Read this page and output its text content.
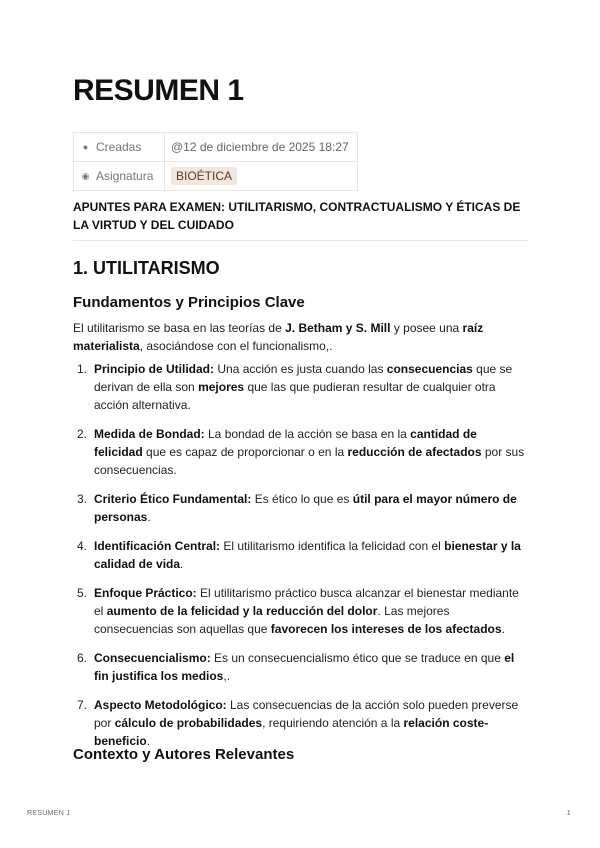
RESUMEN 1
● Creadas	@12 de diciembre de 2025 18:27
◉ Asignatura	BIOÉTICA

APUNTES PARA EXAMEN: UTILITARISMO, CONTRACTUALISMO Y ÉTICAS DE LA VIRTUD Y DEL CUIDADO

1. UTILITARISMO
Fundamentos y Principios Clave

El utilitarismo se basa en las teorías de J. Betham y S. Mill y posee una raíz materialista, asociándose con el funcionalismo,.

1. Principio de Utilidad: Una acción es justa cuando las consecuencias que se derivan de ella son mejores que las que pudieran resultar de cualquier otra acción alternativa.
2. Medida de Bondad: La bondad de la acción se basa en la cantidad de felicidad que es capaz de proporcionar o en la reducción de afectados por sus consecuencias.
3. Criterio Ético Fundamental: Es ético lo que es útil para el mayor número de personas.
4. Identificación Central: El utilitarismo identifica la felicidad con el bienestar y la calidad de vida.
5. Enfoque Práctico: El utilitarismo práctico busca alcanzar el bienestar mediante el aumento de la felicidad y la reducción del dolor. Las mejores consecuencias son aquellas que favorecen los intereses de los afectados.
6. Consecuencialismo: Es un consecuencialismo ético que se traduce en que el fin justifica los medios,.
7. Aspecto Metodológico: Las consecuencias de la acción solo pueden preverse por cálculo de probabilidades, requiriendo atención a la relación coste-beneficio.
Contexto y Autores Relevantes
RESUMEN 1	1
